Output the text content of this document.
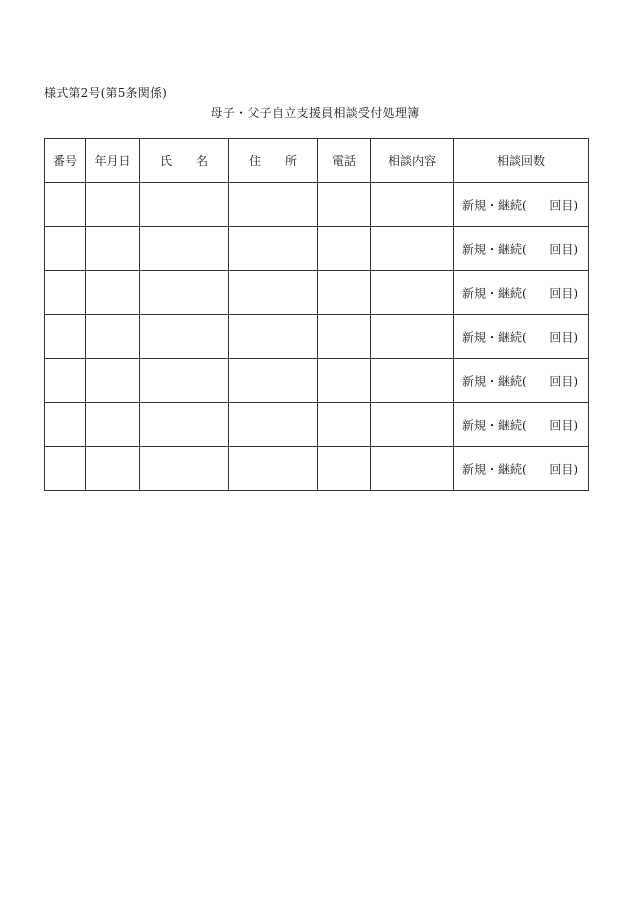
様式第2号(第5条関係)
母子・父子自立支援員相談受付処理簿
番号	年月日	氏　　名	住　　所	電話	相談内容	相談回数

						新規・継続( 回目)

						新規・継続( 回目)

						新規・継続( 回目)

						新規・継続( 回目)

						新規・継続( 回目)

						新規・継続( 回目)

						新規・継続( 回目)
